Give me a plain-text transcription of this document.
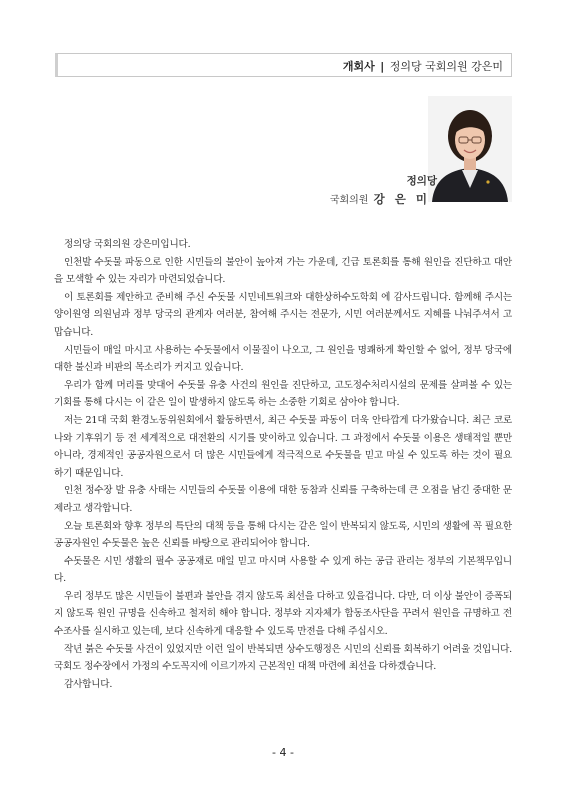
개회사 | 정의당 국회의원 강은미
정의당
국회의원 강 은 미

정의당 국회의원 강은미입니다.

인천발 수돗물 파동으로 인한 시민들의 불안이 높아져 가는 가운데, 긴급 토론회를 통해 원인을 진단하고 대안을 모색할 수 있는 자리가 마련되었습니다.

이 토론회를 제안하고 준비해 주신 수돗물 시민네트워크와 대한상하수도학회 에 감사드립니다. 함께해 주시는 양이원영 의원님과 정부 당국의 관계자 여러분, 참여해 주시는 전문가, 시민 여러분께서도 지혜를 나눠주셔서 고맙습니다.

시민들이 매일 마시고 사용하는 수돗물에서 이물질이 나오고, 그 원인을 명쾌하게 확인할 수 없어, 정부 당국에 대한 불신과 비판의 목소리가 커지고 있습니다.

우리가 함께 머리를 맞대어 수돗물 유충 사건의 원인을 진단하고, 고도정수처리시설의 문제를 살펴볼 수 있는 기회를 통해 다시는 이 같은 일이 발생하지 않도록 하는 소중한 기회로 삼아야 합니다.

저는 21대 국회 환경노동위원회에서 활동하면서, 최근 수돗물 파동이 더욱 안타깝게 다가왔습니다. 최근 코로나와 기후위기 등 전 세계적으로 대전환의 시기를 맞이하고 있습니다. 그 과정에서 수돗물 이용은 생태적일 뿐만 아니라, 경제적인 공공자원으로서 더 많은 시민들에게 적극적으로 수돗물을 믿고 마실 수 있도록 하는 것이 필요하기 때문입니다.

인천 정수장 발 유충 사태는 시민들의 수돗물 이용에 대한 동참과 신뢰를 구축하는데 큰 오점을 남긴 중대한 문제라고 생각합니다.

오늘 토론회와 향후 정부의 특단의 대책 등을 통해 다시는 같은 일이 반복되지 않도록, 시민의 생활에 꼭 필요한 공공자원인 수돗물은 높은 신뢰를 바탕으로 관리되어야 합니다.

수돗물은 시민 생활의 필수 공공재로 매일 믿고 마시며 사용할 수 있게 하는 공급 관리는 정부의 기본책무입니다.

우리 정부도 많은 시민들이 불편과 불안을 겪지 않도록 최선을 다하고 있을겁니다. 다만, 더 이상 불안이 증폭되지 않도록 원인 규명을 신속하고 철저히 해야 합니다. 정부와 지자체가 합동조사단을 꾸려서 원인을 규명하고 전수조사를 실시하고 있는데, 보다 신속하게 대응할 수 있도록 만전을 다해 주십시오.

작년 붉은 수돗물 사건이 있었지만 이런 일이 반복되면 상수도행정은 시민의 신뢰를 회복하기 어려울 것입니다. 국회도 정수장에서 가정의 수도꼭지에 이르기까지 근본적인 대책 마련에 최선을 다하겠습니다.

감사합니다.

- 4 -
